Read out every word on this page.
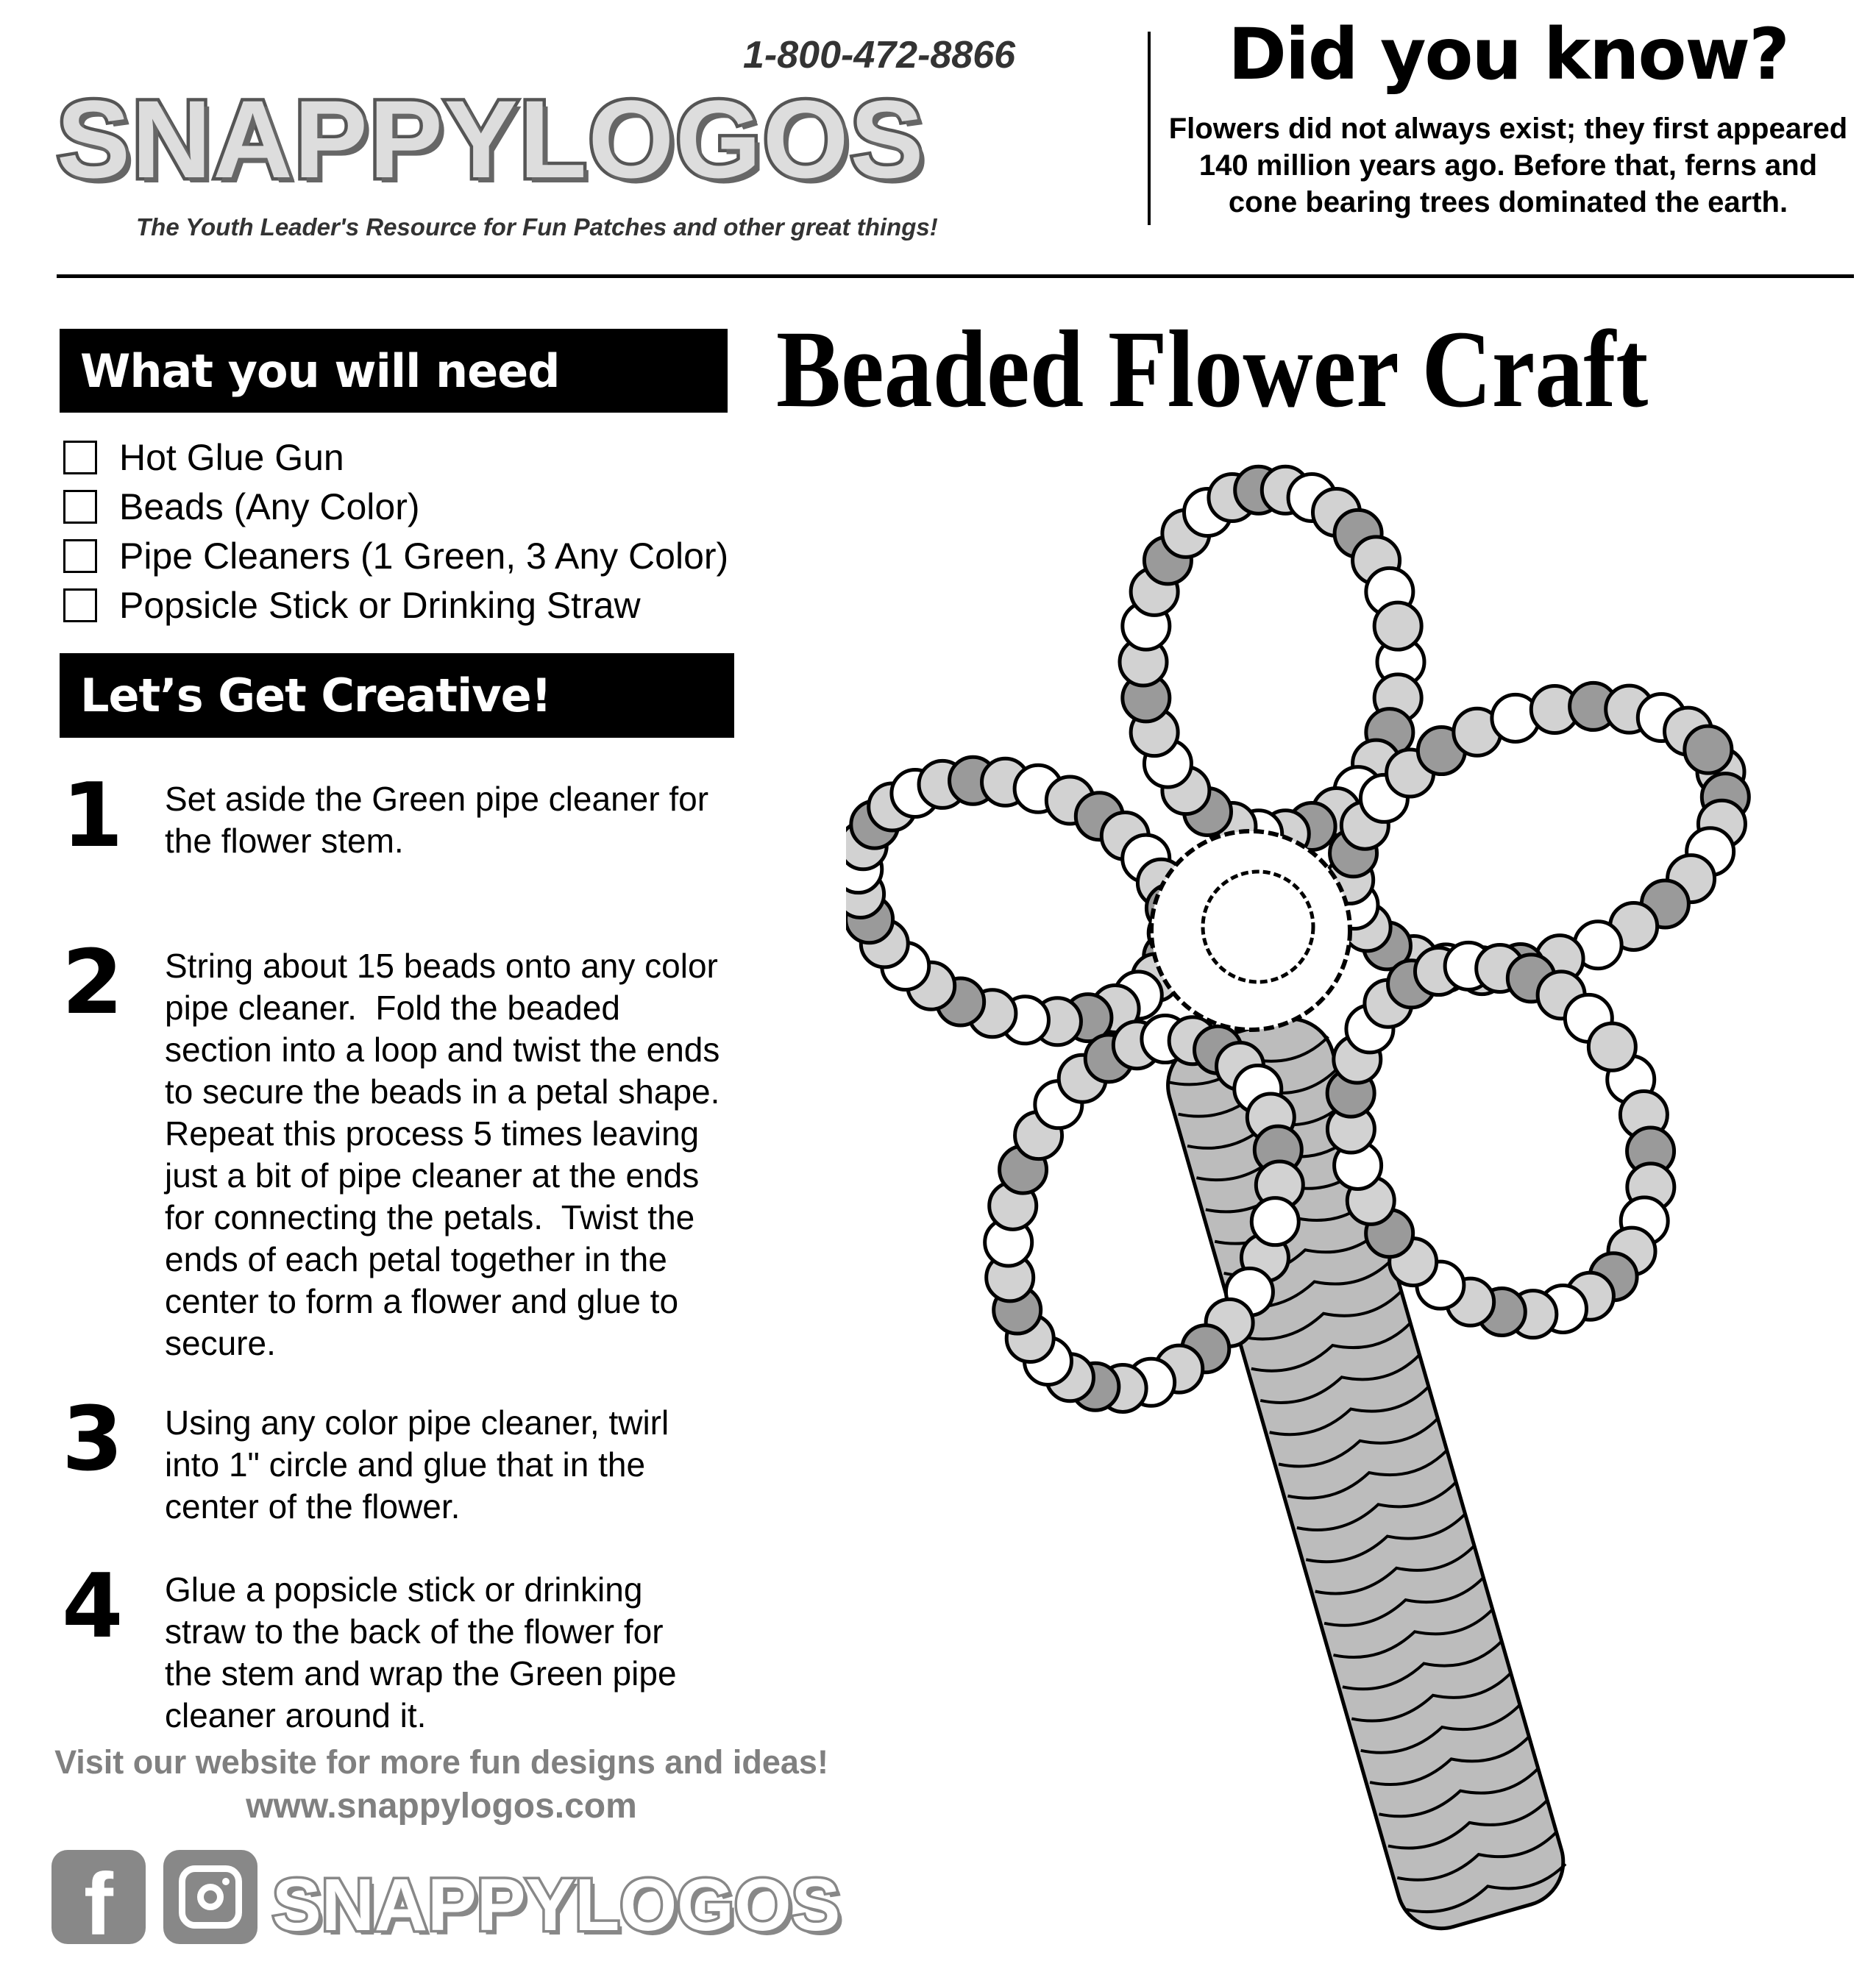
SNAPPYLOGOS
1-800-472-8866
The Youth Leader's Resource for Fun Patches and other great things!
Did you know?
Flowers did not always exist; they first appeared 140 million years ago. Before that, ferns and cone bearing trees dominated the earth.
What you will need
Hot Glue Gun
Beads (Any Color)
Pipe Cleaners (1 Green, 3 Any Color)
Popsicle Stick or Drinking Straw
Beaded Flower Craft
Let’s Get Creative!
1 Set aside the Green pipe cleaner for
the flower stem.
2 String about 15 beads onto any color
pipe cleaner.  Fold the beaded
section into a loop and twist the ends
to secure the beads in a petal shape.
Repeat this process 5 times leaving
just a bit of pipe cleaner at the ends
for connecting the petals.  Twist the
ends of each petal together in the
center to form a flower and glue to
secure.
3 Using any color pipe cleaner, twirl
into 1" circle and glue that in the
center of the flower.
4 Glue a popsicle stick or drinking
straw to the back of the flower for
the stem and wrap the Green pipe
cleaner around it.
Visit our website for more fun designs and ideas!
www.snappylogos.com
f	SNAPPYLOGOS
